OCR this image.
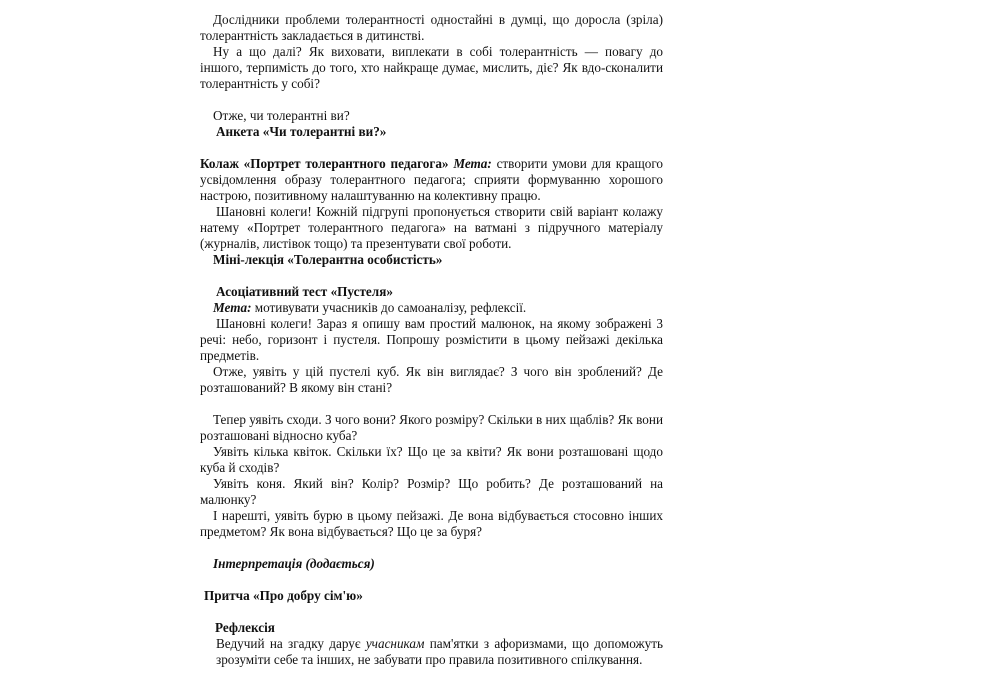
Дослідники проблеми толерантності одностайні в думці, що доросла (зріла) толерантність закладається в дитинстві.

Ну а що далі? Як виховати, виплекати в собі толерантність — повагу до іншого, терпимість до того, хто найкраще думає, мислить, діє? Як вдо-сконалити толерантність у собі?

Отже, чи толерантні ви?

Анкета «Чи толерантні ви?»

Колаж «Портрет толерантного педагога» Мета: створити умови для кращого усвідомлення образу толерантного педагога; сприяти формуванню хорошого настрою, позитивному налаштуванню на колективну працю.

Шановні колеги! Кожній підгрупі пропонується створити свій варіант колажу натему «Портрет толерантного педагога» на ватмані з підручного матеріалу (журналів, листівок тощо) та презентувати свої роботи.

Міні-лекція «Толерантна особистість»

Асоціативний тест «Пустеля»

Мета: мотивувати учасників до самоаналізу, рефлексії.

Шановні колеги! Зараз я опишу вам простий малюнок, на якому зображені 3 речі: небо, горизонт і пустеля. Попрошу розмістити в цьому пейзажі декілька предметів.

Отже, уявіть у цій пустелі куб. Як він виглядає? З чого він зроблений? Де розташований? В якому він стані?

Тепер уявіть сходи. З чого вони? Якого розміру? Скільки в них щаблів? Як вони розташовані відносно куба?

Уявіть кілька квіток. Скільки їх? Що це за квіти? Як вони розташовані щодо куба й сходів?

Уявіть коня. Який він? Колір? Розмір? Що робить? Де розташований на малюнку?

І нарешті, уявіть бурю в цьому пейзажі. Де вона відбувається стосовно інших предметом? Як вона відбувається? Що це за буря?

Інтерпретація (додається)

Притча «Про добру сім'ю»

Рефлексія

Ведучий на згадку дарує учасникам пам'ятки з афоризмами, що допоможуть зрозуміти себе та інших, не забувати про правила позитивного спілкування.
